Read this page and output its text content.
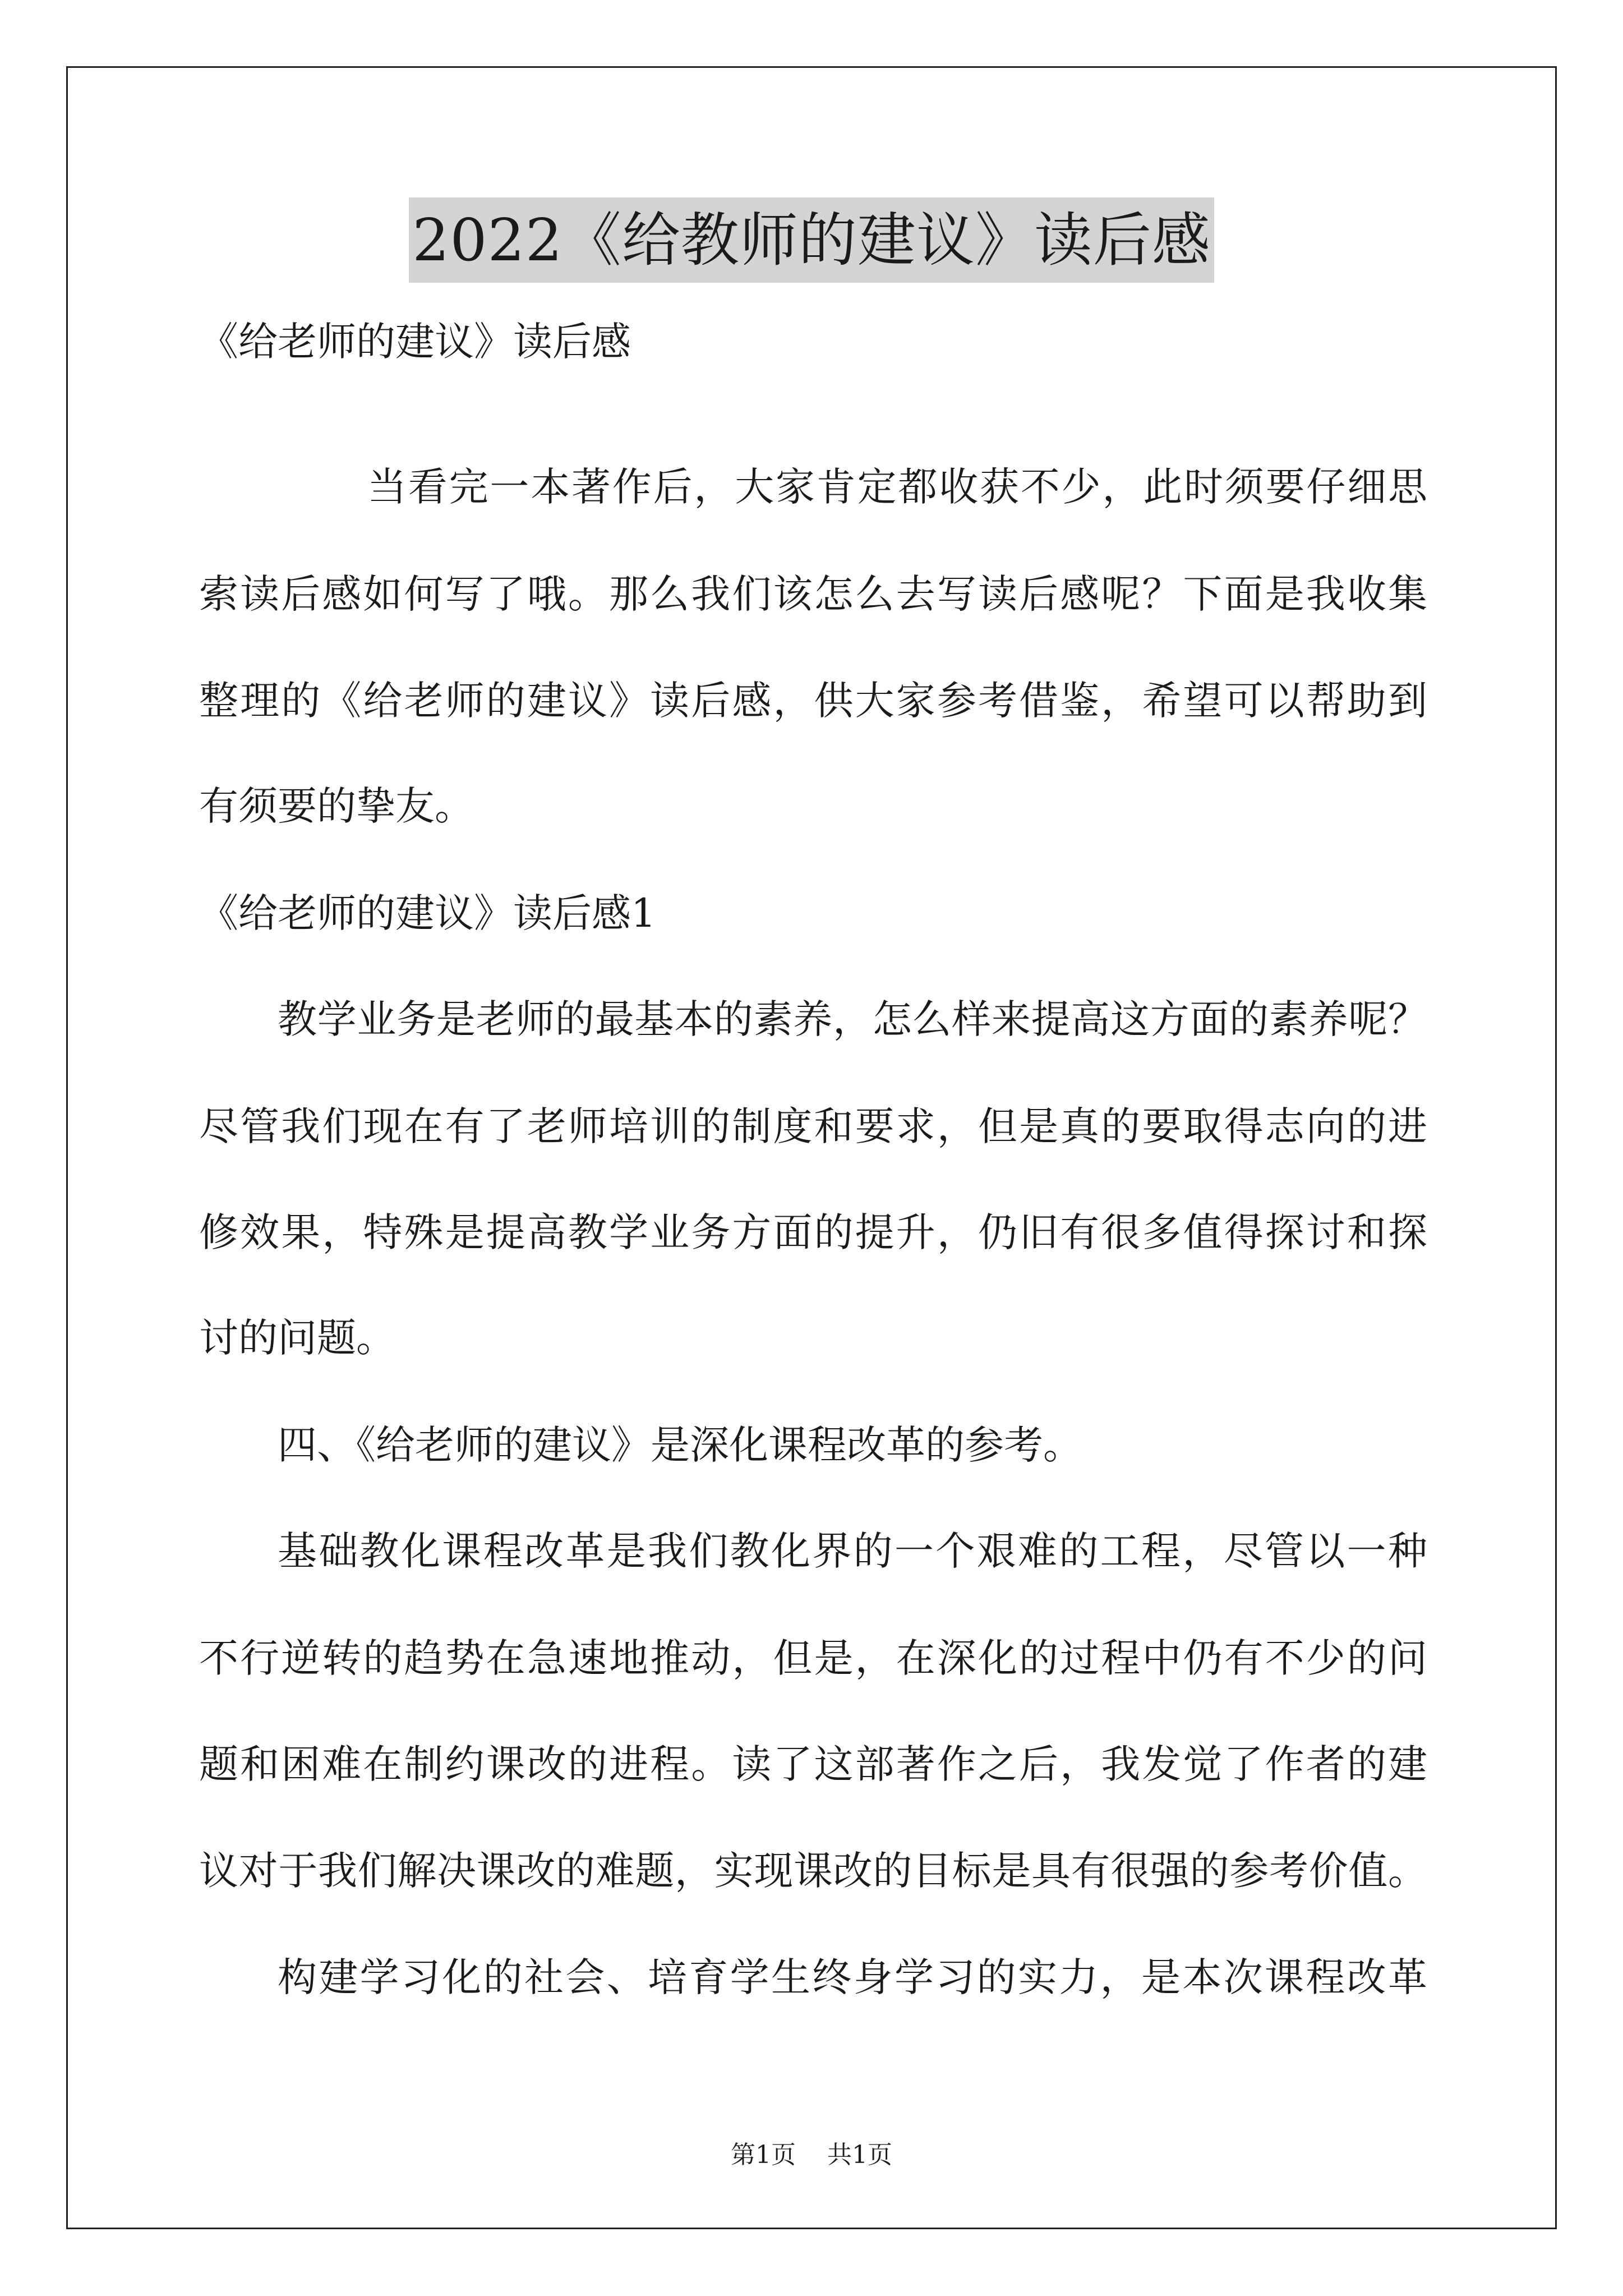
2022《给教师的建议》读后感
《给老师的建议》读后感
当看完一本著作后，大家肯定都收获不少，此时须要仔细思
索读后感如何写了哦。那么我们该怎么去写读后感呢？下面是我收集
整理的《给老师的建议》读后感，供大家参考借鉴，希望可以帮助到
有须要的挚友。
《给老师的建议》读后感1
教学业务是老师的最基本的素养，怎么样来提高这方面的素养呢？
尽管我们现在有了老师培训的制度和要求，但是真的要取得志向的进
修效果，特殊是提高教学业务方面的提升，仍旧有很多值得探讨和探
讨的问题。
四、《给老师的建议》是深化课程改革的参考。
基础教化课程改革是我们教化界的一个艰难的工程，尽管以一种
不行逆转的趋势在急速地推动，但是，在深化的过程中仍有不少的问
题和困难在制约课改的进程。读了这部著作之后，我发觉了作者的建
议对于我们解决课改的难题，实现课改的目标是具有很强的参考价值。
构建学习化的社会、培育学生终身学习的实力，是本次课程改革
第1页 共1页
